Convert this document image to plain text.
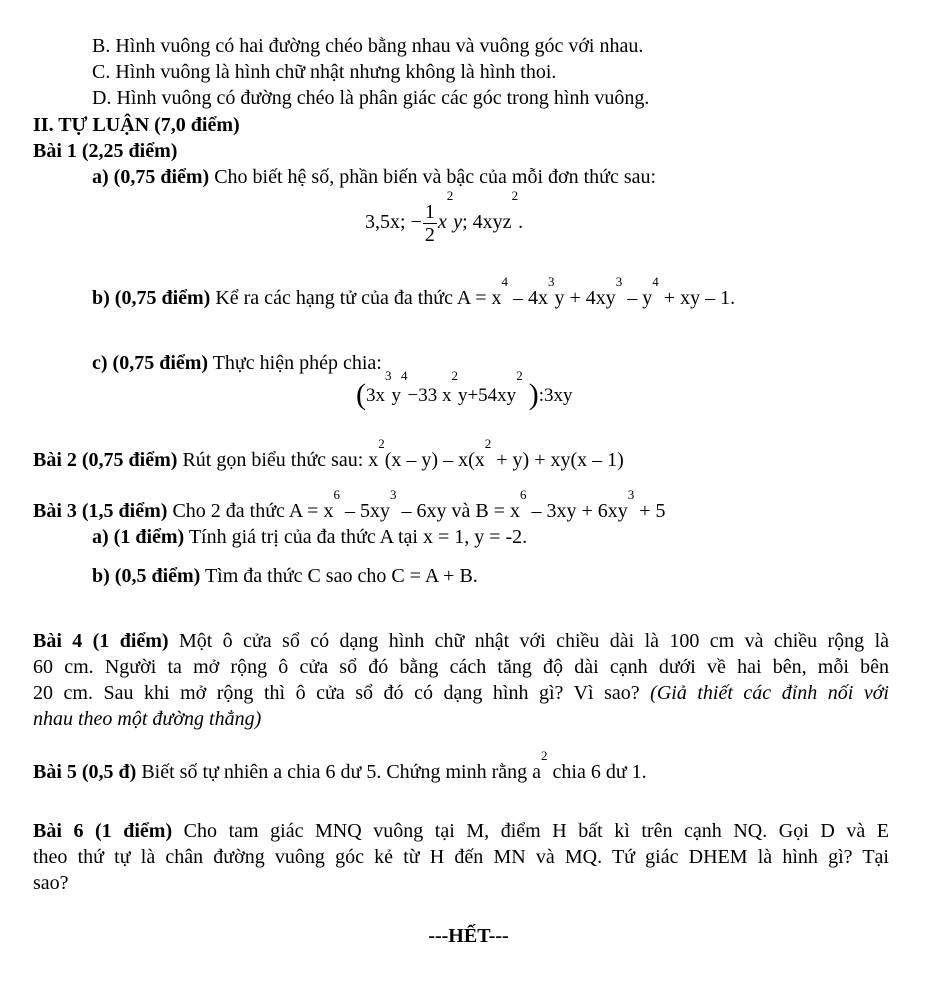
B. Hình vuông có hai đường chéo bằng nhau và vuông góc với nhau.
C. Hình vuông là hình chữ nhật nhưng không là hình thoi.
D. Hình vuông có đường chéo là phân giác các góc trong hình vuông.
II. TỰ LUẬN (7,0 điểm)
Bài 1 (2,25 điểm)
a) (0,75 điểm) Cho biết hệ số, phần biến và bậc của mỗi đơn thức sau:
3,5x; − $\frac{1}{2} x^2y$; 4xyz$^2$.
b) (0,75 điểm) Kể ra các hạng tử của đa thức $A = x^4 - 4x^3y + 4xy^3 - y^4$ + xy – 1.
c) (0,75 điểm) Thực hiện phép chia:
($3x^3y^4-33$ $x^2y+54xy^2$ ):3xy
Bài 2 (0,75 điểm) Rút gọn biểu thức sau: $x^2(x - y) - x(x^2 + y) + xy(x - 1)$
Bài 3 (1,5 điểm) Cho 2 đa thức $A = x^6 - 5xy^3 - 6xy$ và $B = x^6 - 3xy + 6xy^3 + 5$
a) (1 điểm) Tính giá trị của đa thức A tại x = 1, y = -2.
b) (0,5 điểm) Tìm đa thức C sao cho C = A + B.
Bài 4 (1 điểm) Một ô cửa sổ có dạng hình chữ nhật với chiều dài là 100 cm và chiều rộng là
60 cm. Người ta mở rộng ô cửa sổ đó bằng cách tăng độ dài cạnh dưới về hai bên, mỗi bên
20 cm. Sau khi mở rộng thì ô cửa sổ đó có dạng hình gì? Vì sao? (Giả thiết các đỉnh nối với
nhau theo một đường thẳng)
Bài 5 (0,5 đ) Biết số tự nhiên a chia 6 dư 5. Chứng minh rằng $a^2$ chia 6 dư 1.
Bài 6 (1 điểm) Cho tam giác MNQ vuông tại M, điểm H bất kì trên cạnh NQ. Gọi D và E
theo thứ tự là chân đường vuông góc kẻ từ H đến MN và MQ. Tứ giác DHEM là hình gì? Tại
sao?
---HẾT---
